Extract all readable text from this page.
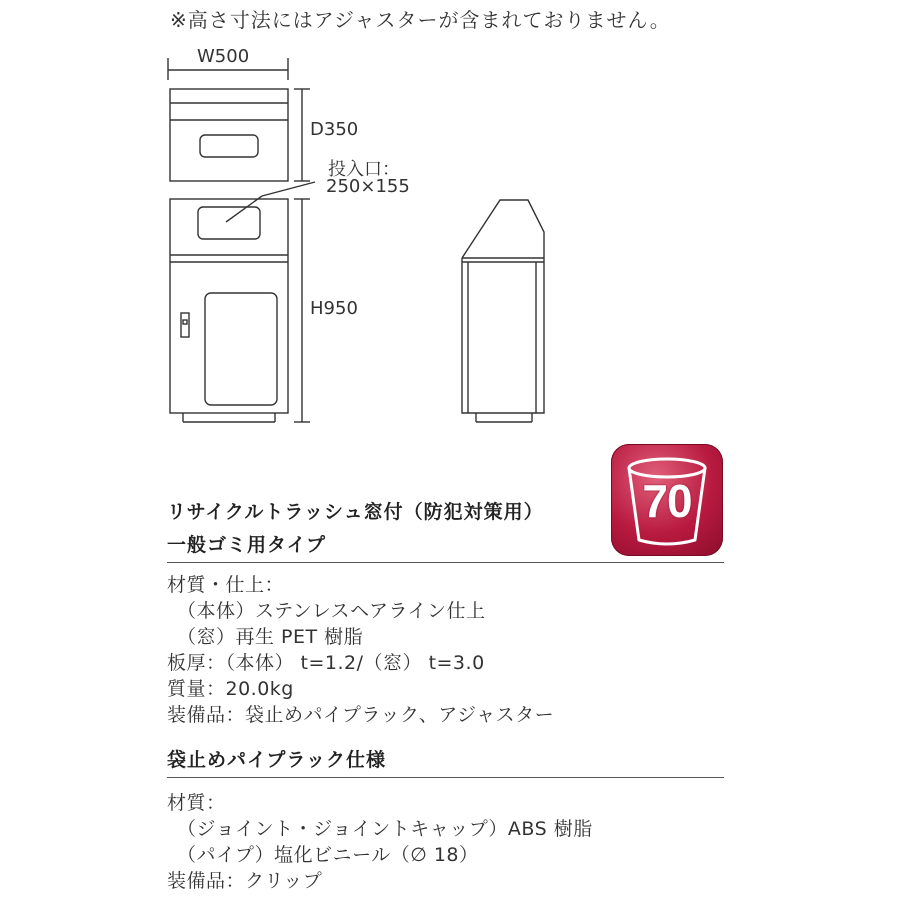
※高さ寸法にはアジャスターが含まれておりません。
W500
D350
投入口：
250×155
H950
70
リサイクルトラッシュ窓付（防犯対策用）
一般ゴミ用タイプ
材質・仕上：
（本体）ステンレスヘアライン仕上
（窓）再生 PET 樹脂
板厚：（本体） t=1.2/（窓） t=3.0
質量：20.0kg
装備品：袋止めパイプラック、アジャスター
袋止めパイプラック仕様
材質：
（ジョイント・ジョイントキャップ）ABS 樹脂
（パイプ）塩化ビニール（∅ 18）
装備品：クリップ
